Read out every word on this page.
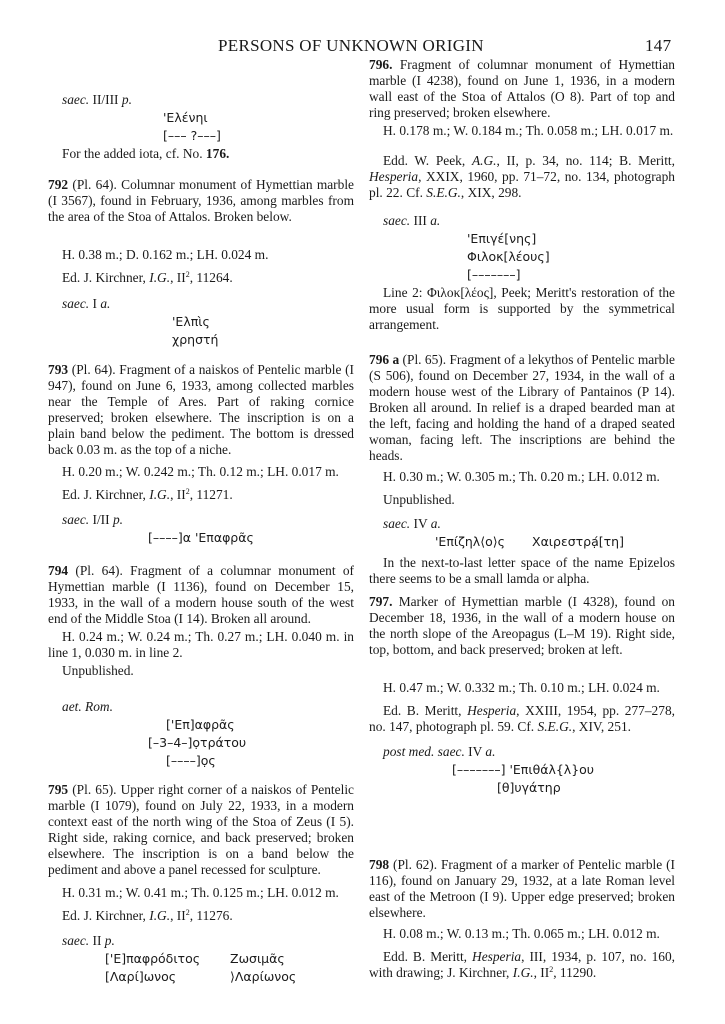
PERSONS OF UNKNOWN ORIGIN	147
saec. II/III p.
'Ελένηι
[––– ?–––]
For the added iota, cf. No. 176.
792 (Pl. 64). Columnar monument of Hymettian marble (I 3567), found in February, 1936, among marbles from the area of the Stoa of Attalos. Broken below.
H. 0.38 m.; D. 0.162 m.; LH. 0.024 m.
Ed. J. Kirchner, I.G., $II^2$, 11264.
saec. I a.
'Ελπὶς
χρηστή
793 (Pl. 64). Fragment of a naiskos of Pentelic marble (I 947), found on June 6, 1933, among collected marbles near the Temple of Ares. Part of raking cornice preserved; broken elsewhere. The inscription is on a plain band below the pediment. The bottom is dressed back 0.03 m. as the top of a niche.
H. 0.20 m.; W. 0.242 m.; Th. 0.12 m.; LH. 0.017 m.
Ed. J. Kirchner, I.G., $II^2$, 11271.
saec. I/II p.
[––––]α 'Επαφρᾶς
794 (Pl. 64). Fragment of a columnar monument of Hymettian marble (I 1136), found on December 15, 1933, in the wall of a modern house south of the west end of the Middle Stoa (I 14). Broken all around.
H. 0.24 m.; W. 0.24 m.; Th. 0.27 m.; LH. 0.040 m. in line 1, 0.030 m. in line 2.
Unpublished.
aet. Rom.
['Επ]αφρᾶς
[–3–4–]ọτράτου
[––––]ọς
795 (Pl. 65). Upper right corner of a naiskos of Pentelic marble (I 1079), found on July 22, 1933, in a modern context east of the north wing of the Stoa of Zeus (I 5). Right side, raking cornice, and back preserved; broken elsewhere. The inscription is on a band below the pediment and above a panel recessed for sculpture.
H. 0.31 m.; W. 0.41 m.; Th. 0.125 m.; LH. 0.012 m.
Ed. J. Kirchner, I.G., $II^2$, 11276.
saec. II p.
['Ε]παφρόδιτος Ζωσιμᾶς
[Λαρί]ωνος	⟩Λαρίωνος
796. Fragment of columnar monument of Hymettian marble (I 4238), found on June 1, 1936, in a modern wall east of the Stoa of Attalos (O 8). Part of top and ring preserved; broken elsewhere.
H. 0.178 m.; W. 0.184 m.; Th. 0.058 m.; LH. 0.017 m.
Edd. W. Peek, A.G., II, p. 34, no. 114; B. Meritt, Hesperia, XXIX, 1960, pp. 71–72, no. 134, photograph pl. 22. Cf. S.E.G., XIX, 298.
saec. III a.
'Επιγέ[νης]
Φιλοκ[λέους]
[–––––––]
Line 2: Φιλοκ[λέος], Peek; Meritt's restoration of the more usual form is supported by the symmetrical arrangement.
796 a (Pl. 65). Fragment of a lekythos of Pentelic marble (S 506), found on December 27, 1934, in the wall of a modern house west of the Library of Pantainos (P 14). Broken all around. In relief is a draped bearded man at the left, facing and holding the hand of a draped seated woman, facing left. The inscriptions are behind the heads.
H. 0.30 m.; W. 0.305 m.; Th. 0.20 m.; LH. 0.012 m.
Unpublished.
saec. IV a.
'Επίζηλ⟨ο⟩ς Χαιρεστρạ́[τη]
In the next-to-last letter space of the name Epizelos there seems to be a small lamda or alpha.
797. Marker of Hymettian marble (I 4328), found on December 18, 1936, in the wall of a modern house on the north slope of the Areopagus (L–M 19). Right side, top, bottom, and back preserved; broken at left.
H. 0.47 m.; W. 0.332 m.; Th. 0.10 m.; LH. 0.024 m.
Ed. B. Meritt, Hesperia, XXIII, 1954, pp. 277–278, no. 147, photograph pl. 59. Cf. S.E.G., XIV, 251.
post med. saec. IV a.
[–––––––] 'Επιθάλ{λ}ου
[θ]υγάτηρ
798 (Pl. 62). Fragment of a marker of Pentelic marble (I 116), found on January 29, 1932, at a late Roman level east of the Metroon (I 9). Upper edge preserved; broken elsewhere.
H. 0.08 m.; W. 0.13 m.; Th. 0.065 m.; LH. 0.012 m.
Edd. B. Meritt, Hesperia, III, 1934, p. 107, no. 160, with drawing; J. Kirchner, I.G., $II^2$, 11290.
